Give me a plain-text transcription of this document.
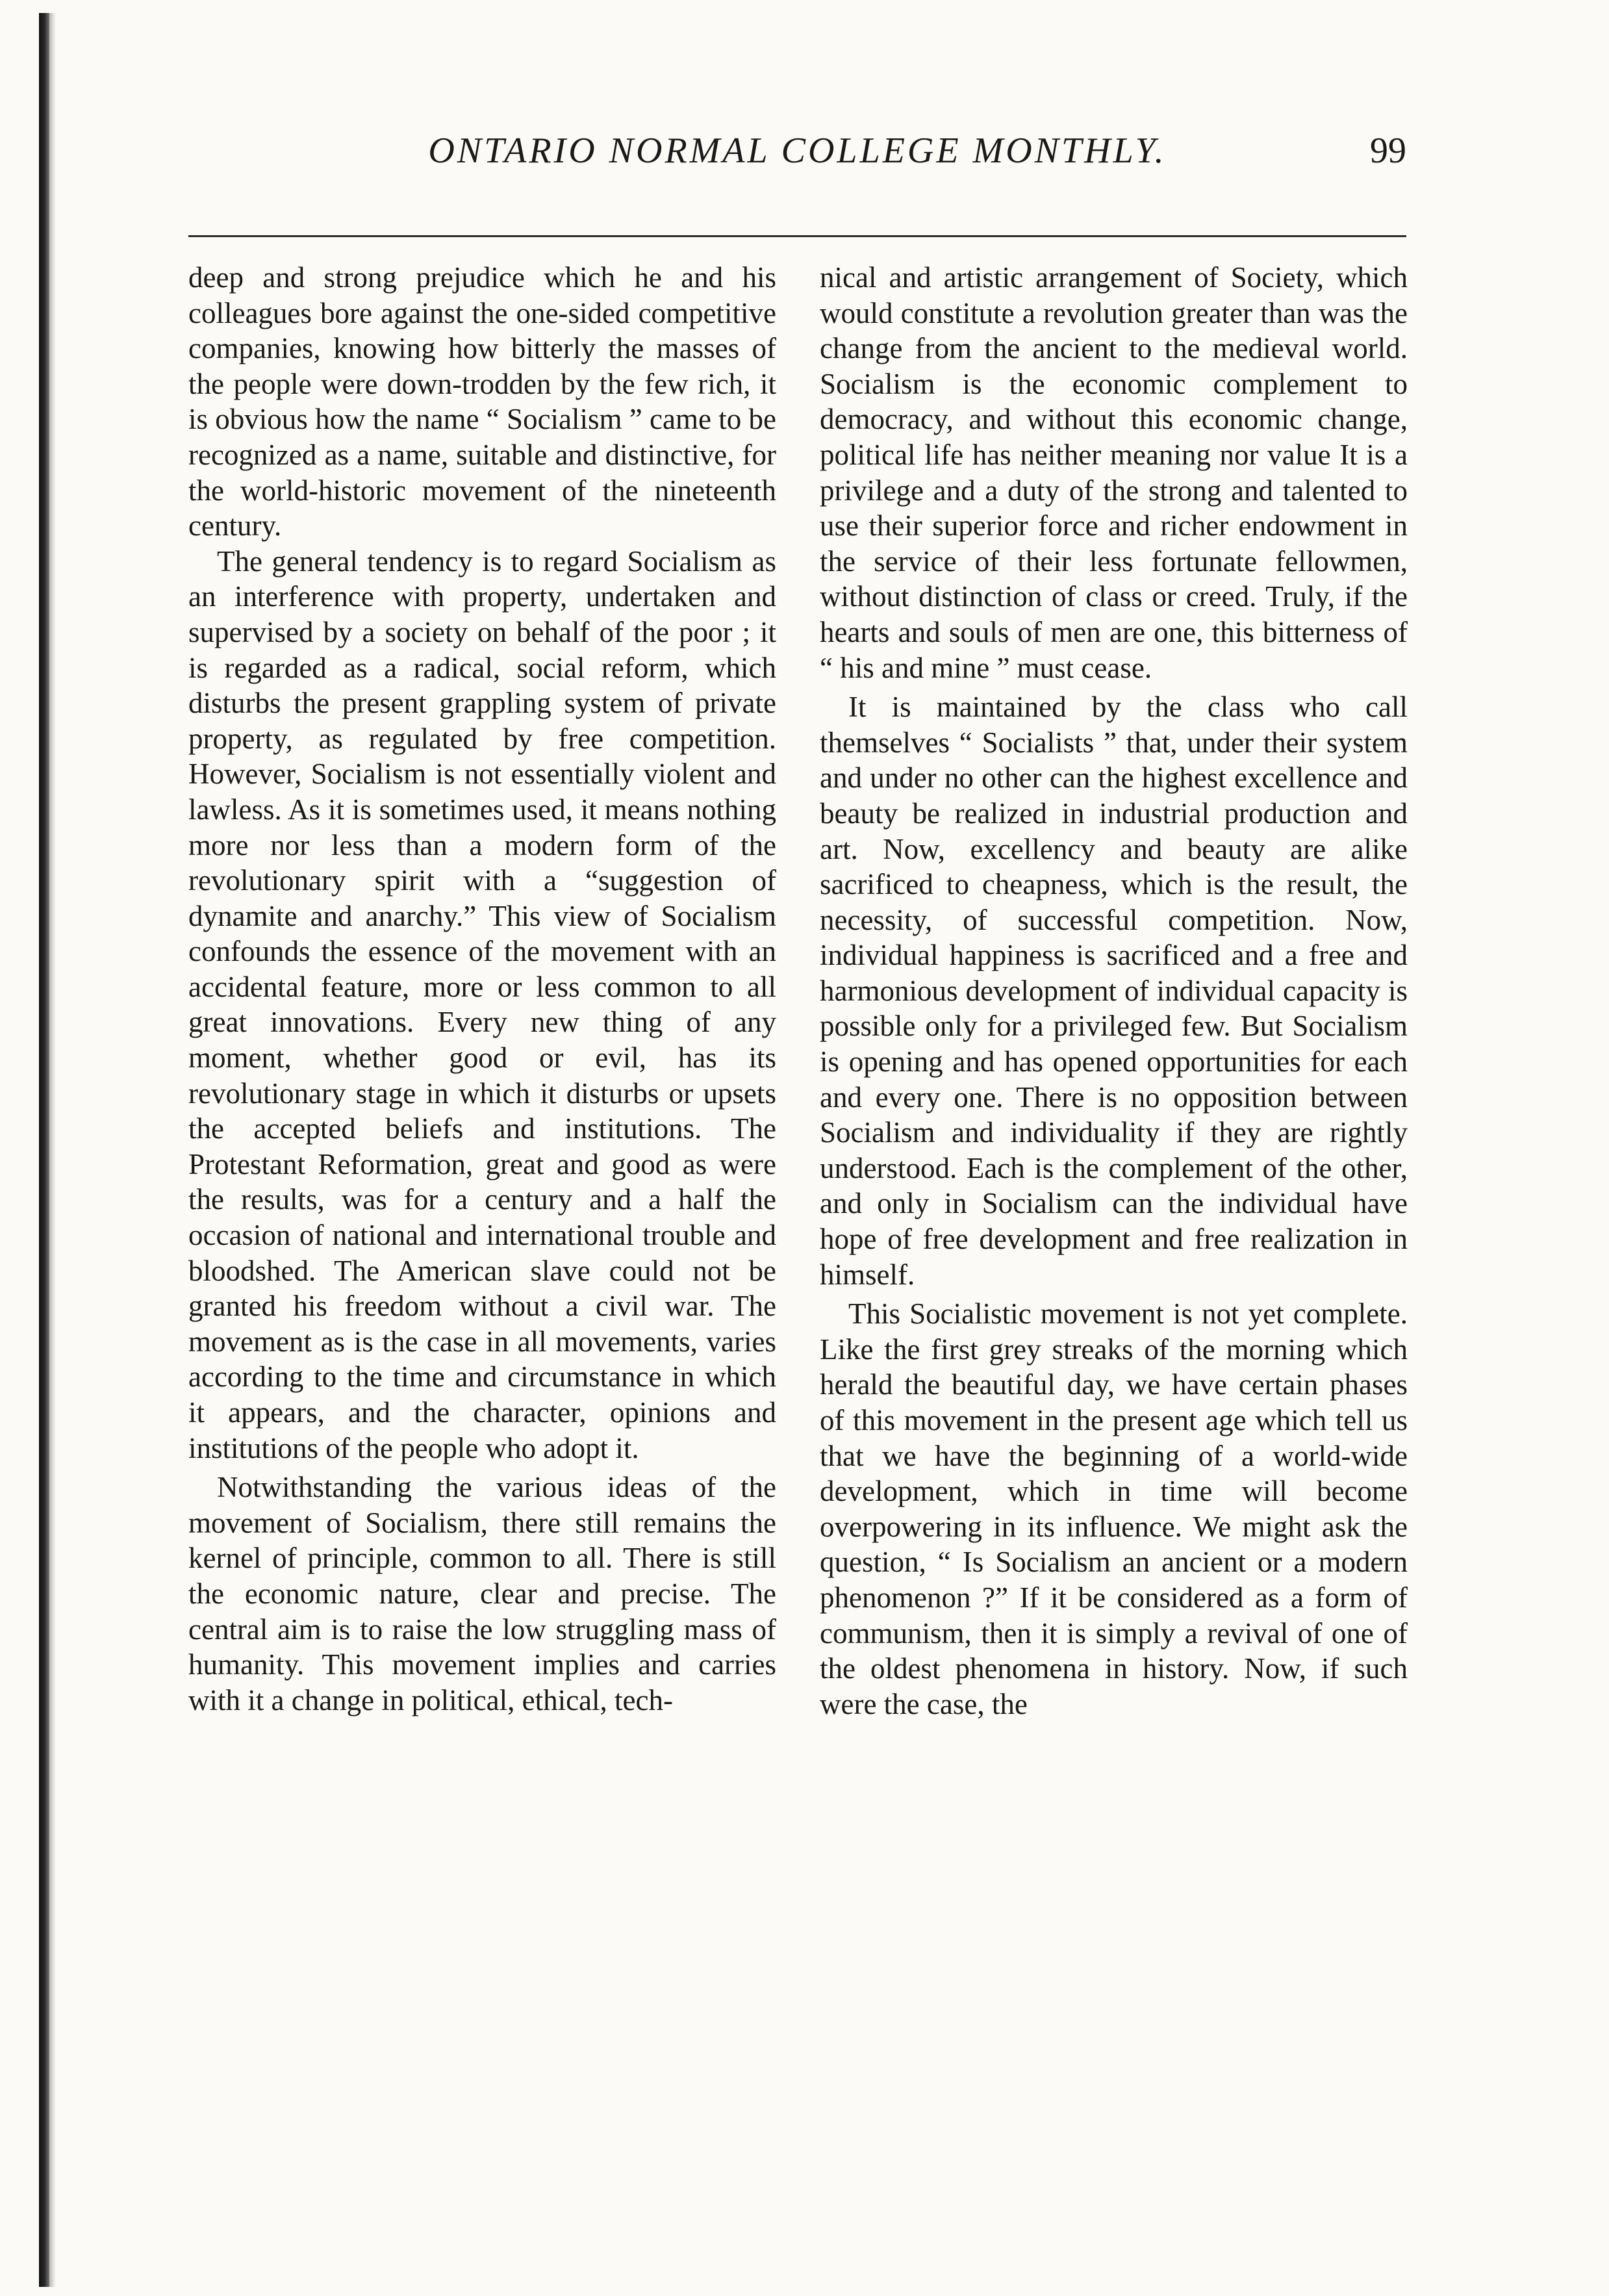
ONTARIO NORMAL COLLEGE MONTHLY.	99

deep and strong prejudice which he and his colleagues bore against the one-sided competitive companies, knowing how bitterly the masses of the people were down-trodden by the few rich, it is obvious how the name “ Socialism ” came to be recognized as a name, suitable and distinctive, for the world-historic movement of the nineteenth century.

The general tendency is to regard Socialism as an interference with property, undertaken and supervised by a society on behalf of the poor ; it is regarded as a radical, social reform, which disturbs the present grappling system of private property, as regulated by free competition. However, Socialism is not essentially violent and lawless. As it is sometimes used, it means nothing more nor less than a modern form of the revolutionary spirit with a “suggestion of dynamite and anarchy.” This view of Socialism confounds the essence of the movement with an accidental feature, more or less common to all great innovations. Every new thing of any moment, whether good or evil, has its revolutionary stage in which it disturbs or upsets the accepted beliefs and institutions. The Protestant Reformation, great and good as were the results, was for a century and a half the occasion of national and international trouble and bloodshed. The American slave could not be granted his freedom without a civil war. The movement as is the case in all movements, varies according to the time and circumstance in which it appears, and the character, opinions and institutions of the people who adopt it.

Notwithstanding the various ideas of the movement of Socialism, there still remains the kernel of principle, common to all. There is still the economic nature, clear and precise. The central aim is to raise the low struggling mass of humanity. This movement implies and carries with it a change in political, ethical, tech-

nical and artistic arrangement of Society, which would constitute a revolution greater than was the change from the ancient to the medieval world. Socialism is the economic complement to democracy, and without this economic change, political life has neither meaning nor value It is a privilege and a duty of the strong and talented to use their superior force and richer endowment in the service of their less fortunate fellowmen, without distinction of class or creed. Truly, if the hearts and souls of men are one, this bitterness of “ his and mine ” must cease.

It is maintained by the class who call themselves “ Socialists ” that, under their system and under no other can the highest excellence and beauty be realized in industrial production and art. Now, excellency and beauty are alike sacrificed to cheapness, which is the result, the necessity, of successful competition. Now, individual happiness is sacrificed and a free and harmonious development of individual capacity is possible only for a privileged few. But Socialism is opening and has opened opportunities for each and every one. There is no opposition between Socialism and individuality if they are rightly understood. Each is the complement of the other, and only in Socialism can the individual have hope of free development and free realization in himself.

This Socialistic movement is not yet complete. Like the first grey streaks of the morning which herald the beautiful day, we have certain phases of this movement in the present age which tell us that we have the beginning of a world-wide development, which in time will become overpowering in its influence. We might ask the question, “ Is Socialism an ancient or a modern phenomenon ?” If it be considered as a form of communism, then it is simply a revival of one of the oldest phenomena in history. Now, if such were the case, the
